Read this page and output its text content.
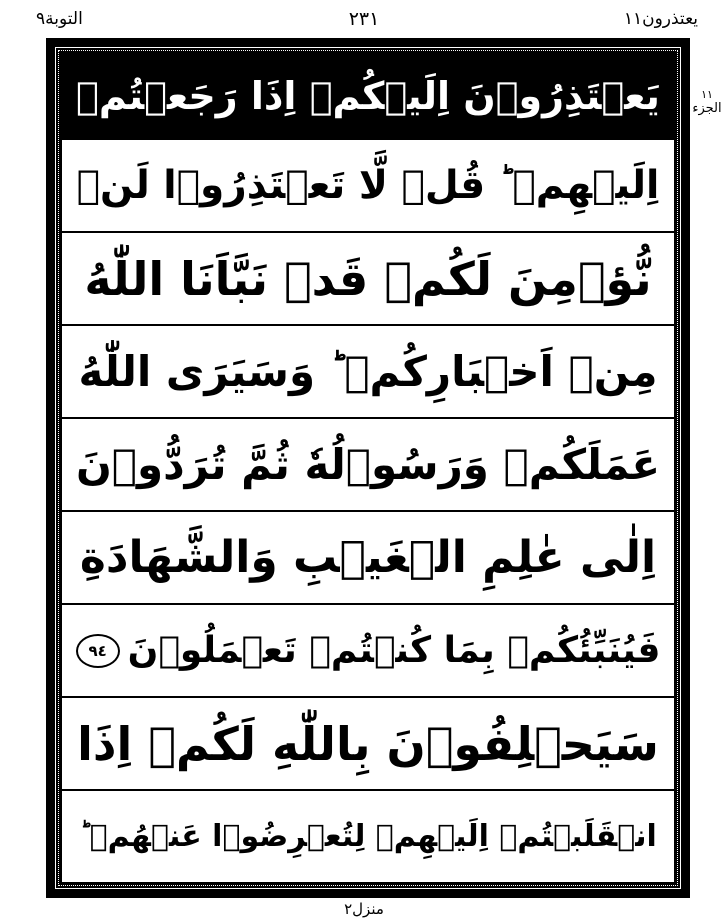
يعتذرون١١
٢٣١
التوبة٩
١١
الجزء
يَعۡتَذِرُوۡنَ اِلَيۡكُمۡ اِذَا رَجَعۡتُمۡ
اِلَيۡهِمۡ ؕ قُلۡ لَّا تَعۡتَذِرُوۡا لَنۡ
نُّؤۡمِنَ لَكُمۡ قَدۡ نَبَّاَنَا اللّٰهُ
مِنۡ اَخۡبَارِكُمۡ ؕ وَسَيَرَى اللّٰهُ
عَمَلَكُمۡ وَرَسُوۡلُهٗ ثُمَّ تُرَدُّوۡنَ
اِلٰى عٰلِمِ الۡغَيۡبِ وَالشَّهَادَةِ
فَيُنَبِّئُكُمۡ بِمَا كُنۡتُمۡ تَعۡمَلُوۡنَ
٩٤
سَيَحۡلِفُوۡنَ بِاللّٰهِ لَكُمۡ اِذَا
انۡقَلَبۡتُمۡ اِلَيۡهِمۡ لِتُعۡرِضُوۡا عَنۡهُمۡ ؕ
منزل٢
